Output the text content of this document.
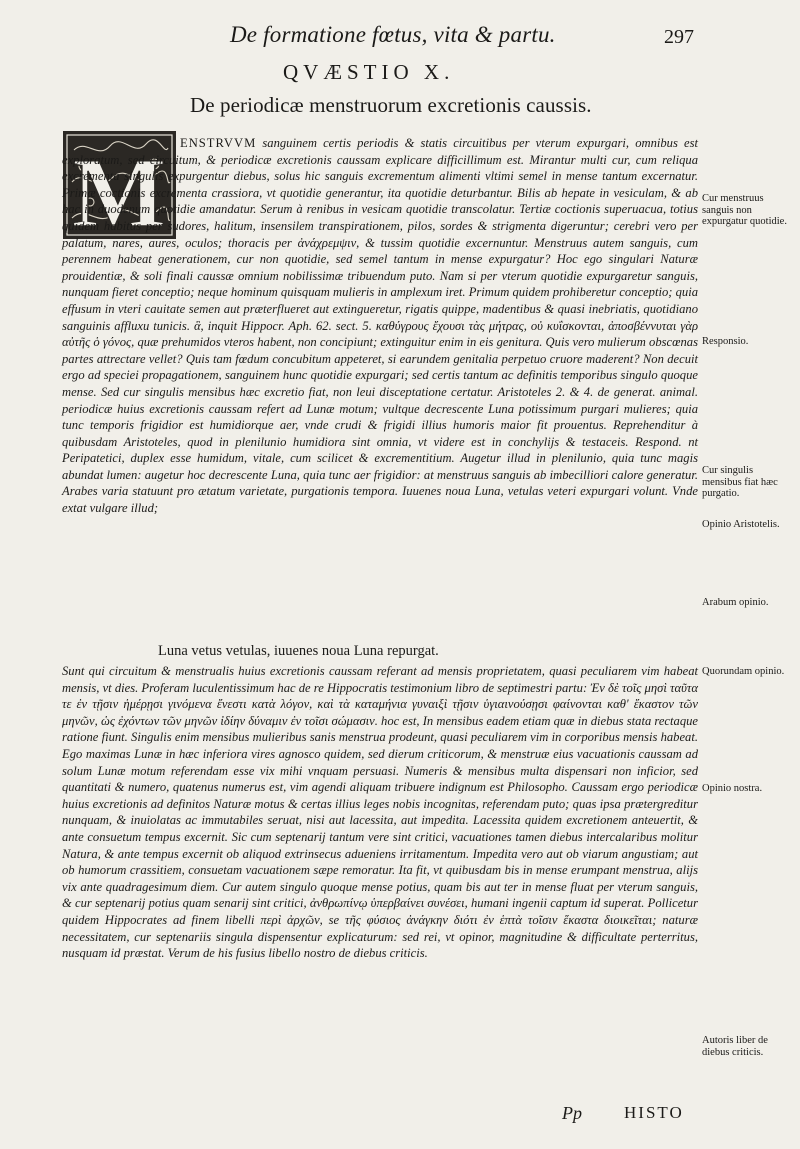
De formatione fœtus, vita & partu.	297
QVÆSTIO X.
De periodicæ menstruorum excretionis caussis.
M	ENSTRVVM sanguinem certis periodis & statis circuitibus per vterum expurgari, omnibus est exploratum, sed circuitum, & periodicæ excretionis caussam explicare difficillimum est. Mirantur multi cur, cum reliqua excrementa singulis expurgentur diebus, solus hic sanguis excrementum alimenti vltimi semel in mense tantum excernatur. Primæ coctionis excrementa crassiora, vt quotidie generantur, ita quotidie deturbantur. Bilis ab hepate in vesiculam, & ab hac in duodenum quotidie amandatur. Serum à renibus in vesicam quotidie transcolatur. Tertiæ coctionis superuacua, totius quidem habitus per sudores, halitum, insensilem transpirationem, pilos, sordes & strigmenta digeruntur; cerebri vero per palatum, nares, aures, oculos; thoracis per ἀνάχρεμψιν, & tussim quotidie excernuntur. Menstruus autem sanguis, cum perennem habeat generationem, cur non quotidie, sed semel tantum in mense expurgatur? Hoc ego singulari Naturæ prouidentiæ, & soli finali caussæ omnium nobilissimæ tribuendum puto. Nam si per vterum quotidie expurgaretur sanguis, nunquam fieret conceptio; neque hominum quisquam mulieris in amplexum iret. Primum quidem prohiberetur conceptio; quia effusum in vteri cauitate semen aut præterflueret aut extingueretur, rigatis quippe, madentibus & quasi inebriatis, quotidiano sanguinis affluxu tunicis. ἃ, inquit Hippocr. Aph. 62. sect. 5. καθύγρους ἔχουσι τὰς μήτρας, οὐ κυΐσκονται, ἀποσβέννυται γὰρ αὐτῆς ὁ γόνος, quæ prehumidos vteros habent, non concipiunt; extinguitur enim in eis genitura. Quis vero mulierum obscœnas partes attrectare vellet? Quis tam fœdum concubitum appeteret, si earundem genitalia perpetuo cruore maderent? Non decuit ergo ad speciei propagationem, sanguinem hunc quotidie expurgari; sed certis tantum ac definitis temporibus singulo quoque mense. Sed cur singulis mensibus hæc excretio fiat, non leui disceptatione certatur. Aristoteles 2. & 4. de generat. animal. periodicæ huius excretionis caussam refert ad Lunæ motum; vultque decrescente Luna potissimum purgari mulieres; quia tunc temporis frigidior est humidiorque aer, vnde crudi & frigidi illius humoris maior fit prouentus. Reprehenditur à quibusdam Aristoteles, quod in plenilunio humidiora sint omnia, vt videre est in conchylijs & testaceis. Respond. nt Peripatetici, duplex esse humidum, vitale, cum scilicet & excrementitium. Augetur illud in plenilunio, quia tunc magis abundat lumen: augetur hoc decrescente Luna, quia tunc aer frigidior: at menstruus sanguis ab imbecilliori calore generatur. Arabes varia statuunt pro ætatum varietate, purgationis tempora. Iuuenes noua Luna, vetulas veteri expurgari volunt. Vnde extat vulgare illud;

Luna vetus vetulas, iuuenes noua Luna repurgat.

Sunt qui circuitum & menstrualis huius excretionis caussam referant ad mensis proprietatem, quasi peculiarem vim habeat mensis, vt dies. Proferam luculentissimum hac de re Hippocratis testimonium libro de septimestri partu: Ἐν δὲ τοῖς μησὶ ταῦτα τε ἐν τῇσιν ἡμέρῃσι γινόμενα ἔνεστι κατὰ λόγον, καὶ τὰ καταμήνια γυναιξὶ τῇσιν ὑγιαινούσῃσι φαίνονται καθ' ἕκαστον τῶν μηνῶν, ὡς ἐχόντων τῶν μηνῶν ἰδίην δύναμιν ἐν τοῖσι σώμασιν. hoc est, In mensibus eadem etiam quæ in diebus stata rectaque ratione fiunt. Singulis enim mensibus mulieribus sanis menstrua prodeunt, quasi peculiarem vim in corporibus mensis habeat. Ego maximas Lunæ in hæc inferiora vires agnosco quidem, sed dierum criticorum, & menstruæ eius vacuationis caussam ad solum Lunæ motum referendam esse vix mihi vnquam persuasi. Numeris & mensibus multa dispensari non inficior, sed quantitati & numero, quatenus numerus est, vim agendi aliquam tribuere indignum est Philosopho. Caussam ergo periodicæ huius excretionis ad definitos Naturæ motus & certas illius leges nobis incognitas, referendam puto; quas ipsa prætergreditur nunquam, & inuiolatas ac immutabiles seruat, nisi aut lacessita, aut impedita. Lacessita quidem excretionem anteuertit, & ante consuetum tempus excernit. Sic cum septenarij tantum vere sint critici, vacuationes tamen diebus intercalaribus molitur Natura, & ante tempus excernit ob aliquod extrinsecus adueniens irritamentum. Impedita vero aut ob viarum angustiam; aut ob humorum crassitiem, consuetam vacuationem sæpe remoratur. Ita fit, vt quibusdam bis in mense erumpant menstrua, alijs vix ante quadragesimum diem. Cur autem singulo quoque mense potius, quam bis aut ter in mense fluat per vterum sanguis, & cur septenarij potius quam senarij sint critici, ἀνθρωπίνῳ ὑπερβαίνει συνέσει, humani ingenii captum id superat. Pollicetur quidem Hippocrates ad finem libelli περὶ ἀρχῶν, se τῆς φύσιος ἀνάγκην διότι ἐν ἑπτὰ τοῖσιν ἕκαστα διοικεῖται; naturæ necessitatem, cur septenariis singula dispensentur explicaturum: sed rei, vt opinor, magnitudine & difficultate perterritus, nusquam id præstat. Verum de his fusius libello nostro de diebus criticis.

Cur menstruus sanguis non expurgatur quotidie.
Responsio.
Cur singulis mensibus fiat hæc purgatio.
Opinio Aristotelis.
Arabum opinio.
Quorundam opinio.
Opinio nostra.
Autoris liber de diebus criticis.
Pp HISTO
